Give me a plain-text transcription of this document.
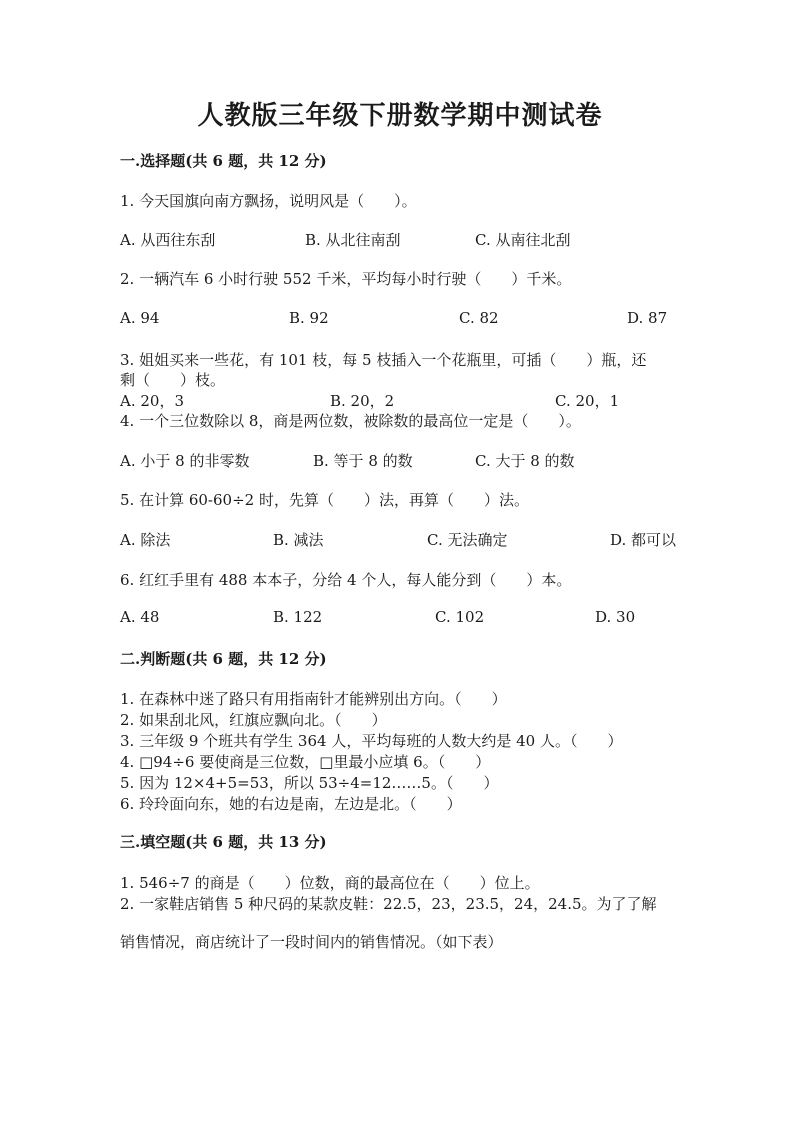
人教版三年级下册数学期中测试卷
一.选择题(共 6 题，共 12 分)
1. 今天国旗向南方飘扬，说明风是（　　）。
A. 从西往东刮	B. 从北往南刮	C. 从南往北刮
2. 一辆汽车 6 小时行驶 552 千米，平均每小时行驶（　　）千米。
A. 94	B. 92	C. 82	D. 87
3. 姐姐买来一些花，有 101 枝，每 5 枝插入一个花瓶里，可插（　　）瓶，还
剩（　　）枝。
A. 20，3	B. 20，2	C. 20，1
4. 一个三位数除以 8，商是两位数，被除数的最高位一定是（　　）。
A. 小于 8 的非零数	B. 等于 8 的数	C. 大于 8 的数
5. 在计算 60-60÷2 时，先算（　　）法，再算（　　）法。
A. 除法	B. 减法	C. 无法确定	D. 都可以
6. 红红手里有 488 本本子，分给 4 个人，每人能分到（　　）本。
A. 48	B. 122	C. 102	D. 30
二.判断题(共 6 题，共 12 分)
1. 在森林中迷了路只有用指南针才能辨别出方向。（　　）
2. 如果刮北风，红旗应飘向北。（　　）
3. 三年级 9 个班共有学生 364 人，平均每班的人数大约是 40 人。（　　）
4. □94÷6 要使商是三位数，□里最小应填 6。（　　）
5. 因为 12×4+5=53，所以 53÷4=12……5。（　　）
6. 玲玲面向东，她的右边是南，左边是北。（　　）
三.填空题(共 6 题，共 13 分)
1. 546÷7 的商是（　　）位数，商的最高位在（　　）位上。
2. 一家鞋店销售 5 种尺码的某款皮鞋：22.5，23，23.5，24，24.5。为了了解
销售情况，商店统计了一段时间内的销售情况。（如下表）
